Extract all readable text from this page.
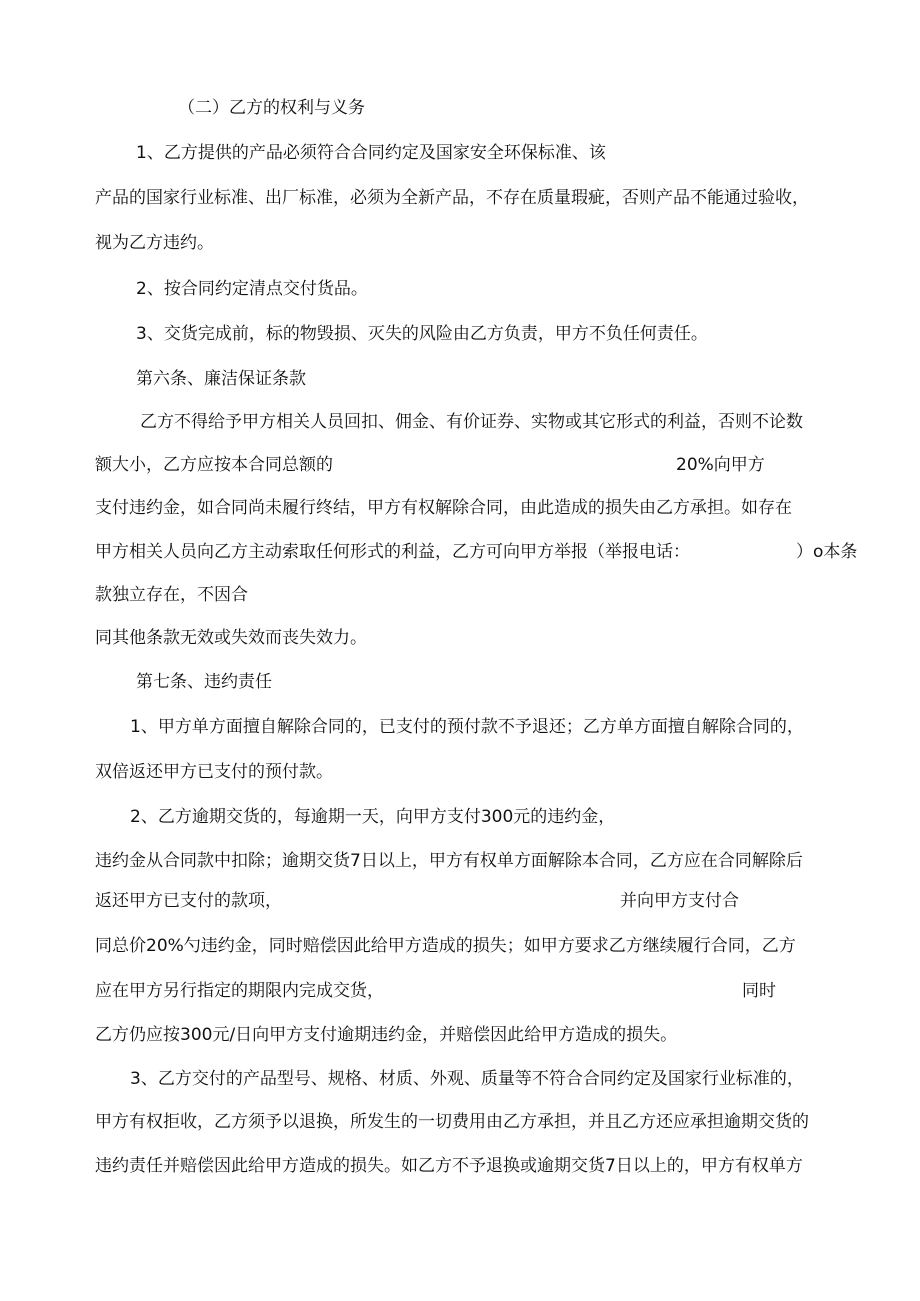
（二）乙方的权利与义务
1、乙方提供的产品必须符合合同约定及国家安全环保标准、该
产品的国家行业标准、出厂标准，必须为全新产品，不存在质量瑕疵，否则产品不能通过验收，
视为乙方违约。
2、按合同约定清点交付货品。
3、交货完成前，标的物毁损、灭失的风险由乙方负责，甲方不负任何责任。
第六条、廉洁保证条款
乙方不得给予甲方相关人员回扣、佣金、有价证券、实物或其它形式的利益，否则不论数
额大小，乙方应按本合同总额的	20%向甲方
支付违约金，如合同尚未履行终结，甲方有权解除合同，由此造成的损失由乙方承担。如存在
甲方相关人员向乙方主动索取任何形式的利益，乙方可向甲方举报（举报电话：	）o本条
款独立存在，不因合
同其他条款无效或失效而丧失效力。
第七条、违约责任
1、甲方单方面擅自解除合同的，已支付的预付款不予退还；乙方单方面擅自解除合同的，
双倍返还甲方已支付的预付款。
2、乙方逾期交货的，每逾期一天，向甲方支付300元的违约金，
违约金从合同款中扣除；逾期交货7日以上，甲方有权单方面解除本合同，乙方应在合同解除后
返还甲方已支付的款项，	并向甲方支付合
同总价20%勺违约金，同时赔偿因此给甲方造成的损失；如甲方要求乙方继续履行合同，乙方
应在甲方另行指定的期限内完成交货，	同时
乙方仍应按300元/日向甲方支付逾期违约金，并赔偿因此给甲方造成的损失。
3、乙方交付的产品型号、规格、材质、外观、质量等不符合合同约定及国家行业标准的，
甲方有权拒收，乙方须予以退换，所发生的一切费用由乙方承担，并且乙方还应承担逾期交货的
违约责任并赔偿因此给甲方造成的损失。如乙方不予退换或逾期交货7日以上的，甲方有权单方
